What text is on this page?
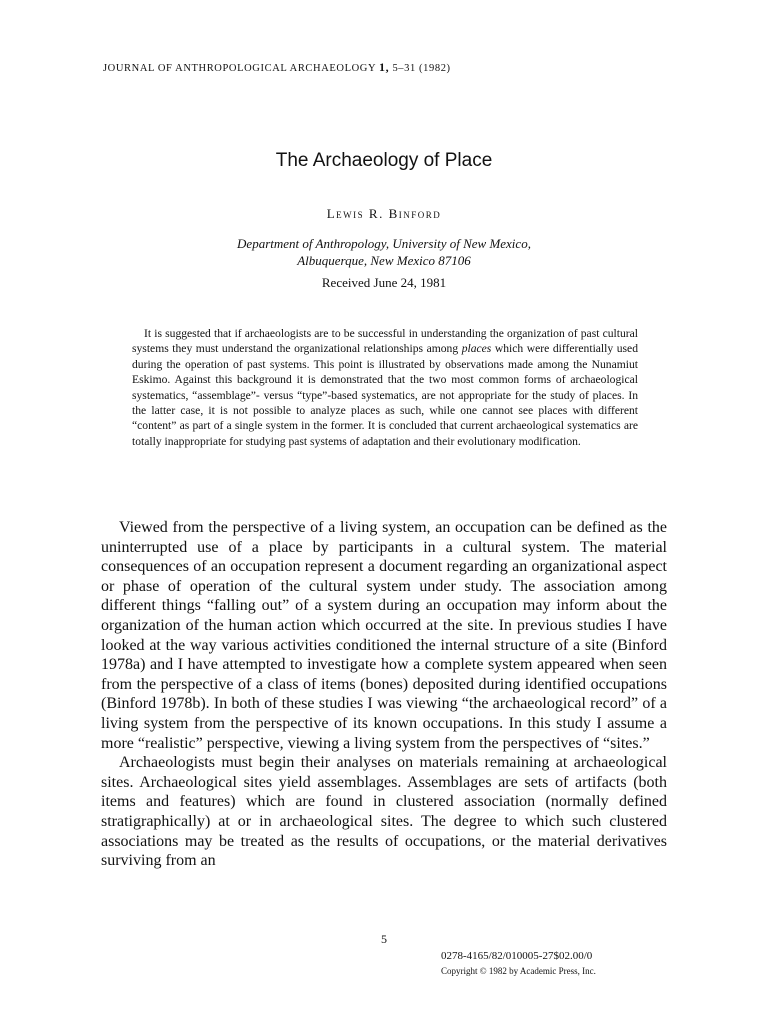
JOURNAL OF ANTHROPOLOGICAL ARCHAEOLOGY 1, 5–31 (1982)
The Archaeology of Place
Lewis R. Binford
Department of Anthropology, University of New Mexico,
Albuquerque, New Mexico 87106
Received June 24, 1981

It is suggested that if archaeologists are to be successful in understanding the organization of past cultural systems they must understand the organizational relationships among places which were differentially used during the operation of past systems. This point is illustrated by observations made among the Nunamiut Eskimo. Against this background it is demonstrated that the two most common forms of archaeological systematics, “assemblage”- versus “type”-based systematics, are not appropriate for the study of places. In the latter case, it is not possible to analyze places as such, while one cannot see places with different “content” as part of a single system in the former. It is concluded that current archaeological systematics are totally inappropriate for studying past systems of adaptation and their evolutionary modification.

Viewed from the perspective of a living system, an occupation can be defined as the uninterrupted use of a place by participants in a cultural system. The material consequences of an occupation represent a document regarding an organizational aspect or phase of operation of the cultural system under study. The association among different things “falling out” of a system during an occupation may inform about the organization of the human action which occurred at the site. In previous studies I have looked at the way various activities conditioned the internal structure of a site (Binford 1978a) and I have attempted to investigate how a complete system appeared when seen from the perspective of a class of items (bones) deposited during identified occupations (Binford 1978b). In both of these studies I was viewing “the archaeological record” of a living system from the perspective of its known occupations. In this study I assume a more “realistic” perspective, viewing a living system from the perspectives of “sites.”

Archaeologists must begin their analyses on materials remaining at archaeological sites. Archaeological sites yield assemblages. Assemblages are sets of artifacts (both items and features) which are found in clustered association (normally defined stratigraphically) at or in archaeological sites. The degree to which such clustered associations may be treated as the results of occupations, or the material derivatives surviving from an

5
0278-4165/82/010005-27$02.00/0
Copyright © 1982 by Academic Press, Inc.
